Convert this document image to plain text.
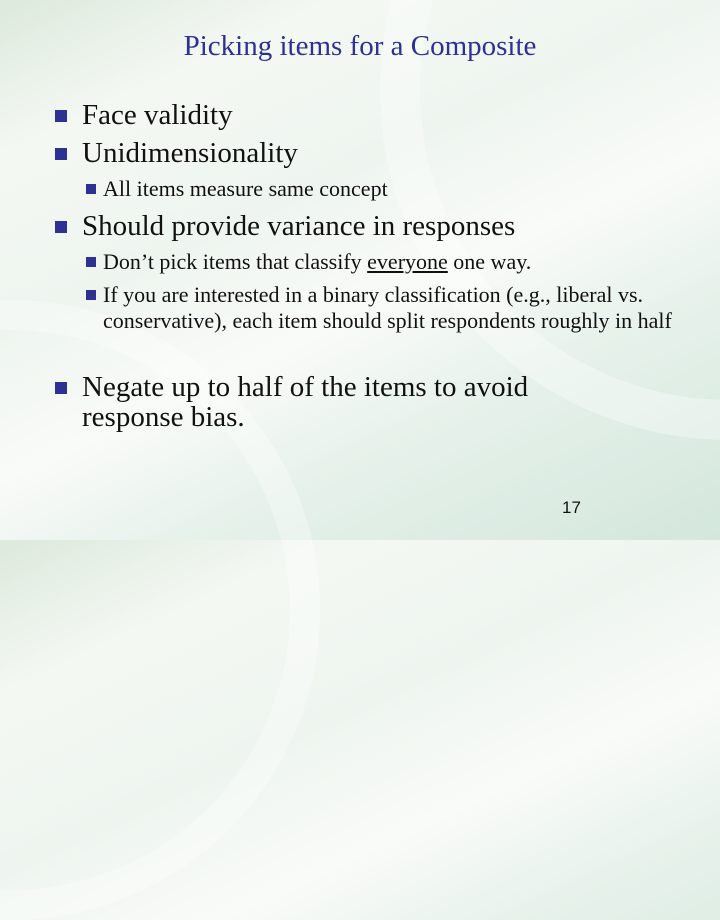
Picking items for a Composite
Face validity
Unidimensionality
All items measure same concept
Should provide variance in responses
Don’t pick items that classify everyone one way.
If you are interested in a binary classification (e.g., liberal vs. conservative), each item should split respondents roughly in half
Negate up to half of the items to avoid response bias.
17
